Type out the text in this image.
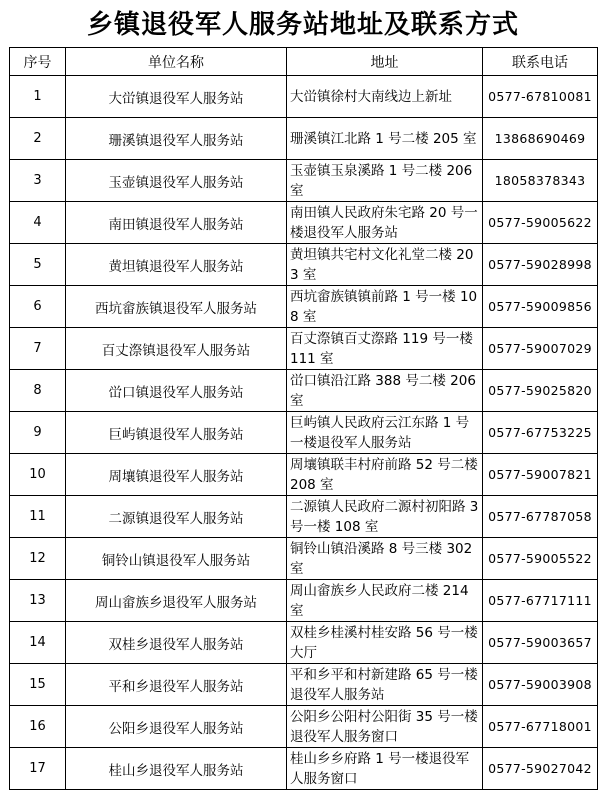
乡镇退役军人服务站地址及联系方式
序号	单位名称	地址	联系电话
1	大峃镇退役军人服务站	大峃镇徐村大南线边上新址	0577-67810081
2	珊溪镇退役军人服务站	珊溪镇江北路 1 号二楼 205 室	13868690469
3	玉壶镇退役军人服务站	玉壶镇玉泉溪路 1 号二楼 206 室	18058378343
4	南田镇退役军人服务站	南田镇人民政府朱宅路 20 号一楼退役军人服务站	0577-59005622
5	黄坦镇退役军人服务站	黄坦镇共宅村文化礼堂二楼 203 室	0577-59028998
6	西坑畲族镇退役军人服务站	西坑畲族镇镇前路 1 号一楼 108 室	0577-59009856
7	百丈漈镇退役军人服务站	百丈漈镇百丈漈路 119 号一楼 111 室	0577-59007029
8	峃口镇退役军人服务站	峃口镇沿江路 388 号二楼 206 室	0577-59025820
9	巨屿镇退役军人服务站	巨屿镇人民政府云江东路 1 号一楼退役军人服务站	0577-67753225
10	周壤镇退役军人服务站	周壤镇联丰村府前路 52 号二楼 208 室	0577-59007821
11	二源镇退役军人服务站	二源镇人民政府二源村初阳路 3 号一楼 108 室	0577-67787058
12	铜铃山镇退役军人服务站	铜铃山镇沿溪路 8 号三楼 302 室	0577-59005522
13	周山畲族乡退役军人服务站	周山畲族乡人民政府二楼 214 室	0577-67717111
14	双桂乡退役军人服务站	双桂乡桂溪村桂安路 56 号一楼大厅	0577-59003657
15	平和乡退役军人服务站	平和乡平和村新建路 65 号一楼退役军人服务站	0577-59003908
16	公阳乡退役军人服务站	公阳乡公阳村公阳街 35 号一楼退役军人服务窗口	0577-67718001
17	桂山乡退役军人服务站	桂山乡乡府路 1 号一楼退役军人服务窗口	0577-59027042
